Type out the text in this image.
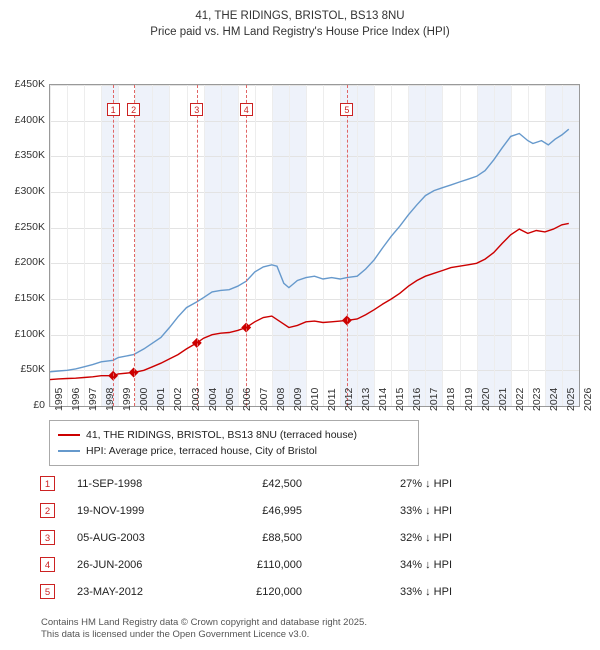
41, THE RIDINGS, BRISTOL, BS13 8NU
Price paid vs. HM Land Registry's House Price Index (HPI)
£0
£50K
£100K
£150K
£200K
£250K
£300K
£350K
£400K
£450K
1	2	3	4	5
1995 1996 1997 1998 1999 2000 2001 2002 2003 2004 2005 2006 2007 2008 2009 2010 2011 2012 2013 2014 2015 2016 2017 2018 2019 2020 2021 2022 2023 2024 2025 2026
41, THE RIDINGS, BRISTOL, BS13 8NU (terraced house)
HPI: Average price, terraced house, City of Bristol
1	11-SEP-1998	£42,500	27% ↓ HPI
2	19-NOV-1999	£46,995	33% ↓ HPI
3	05-AUG-2003	£88,500	32% ↓ HPI
4	26-JUN-2006	£110,000	34% ↓ HPI
5	23-MAY-2012	£120,000	33% ↓ HPI
Contains HM Land Registry data © Crown copyright and database right 2025.
This data is licensed under the Open Government Licence v3.0.
